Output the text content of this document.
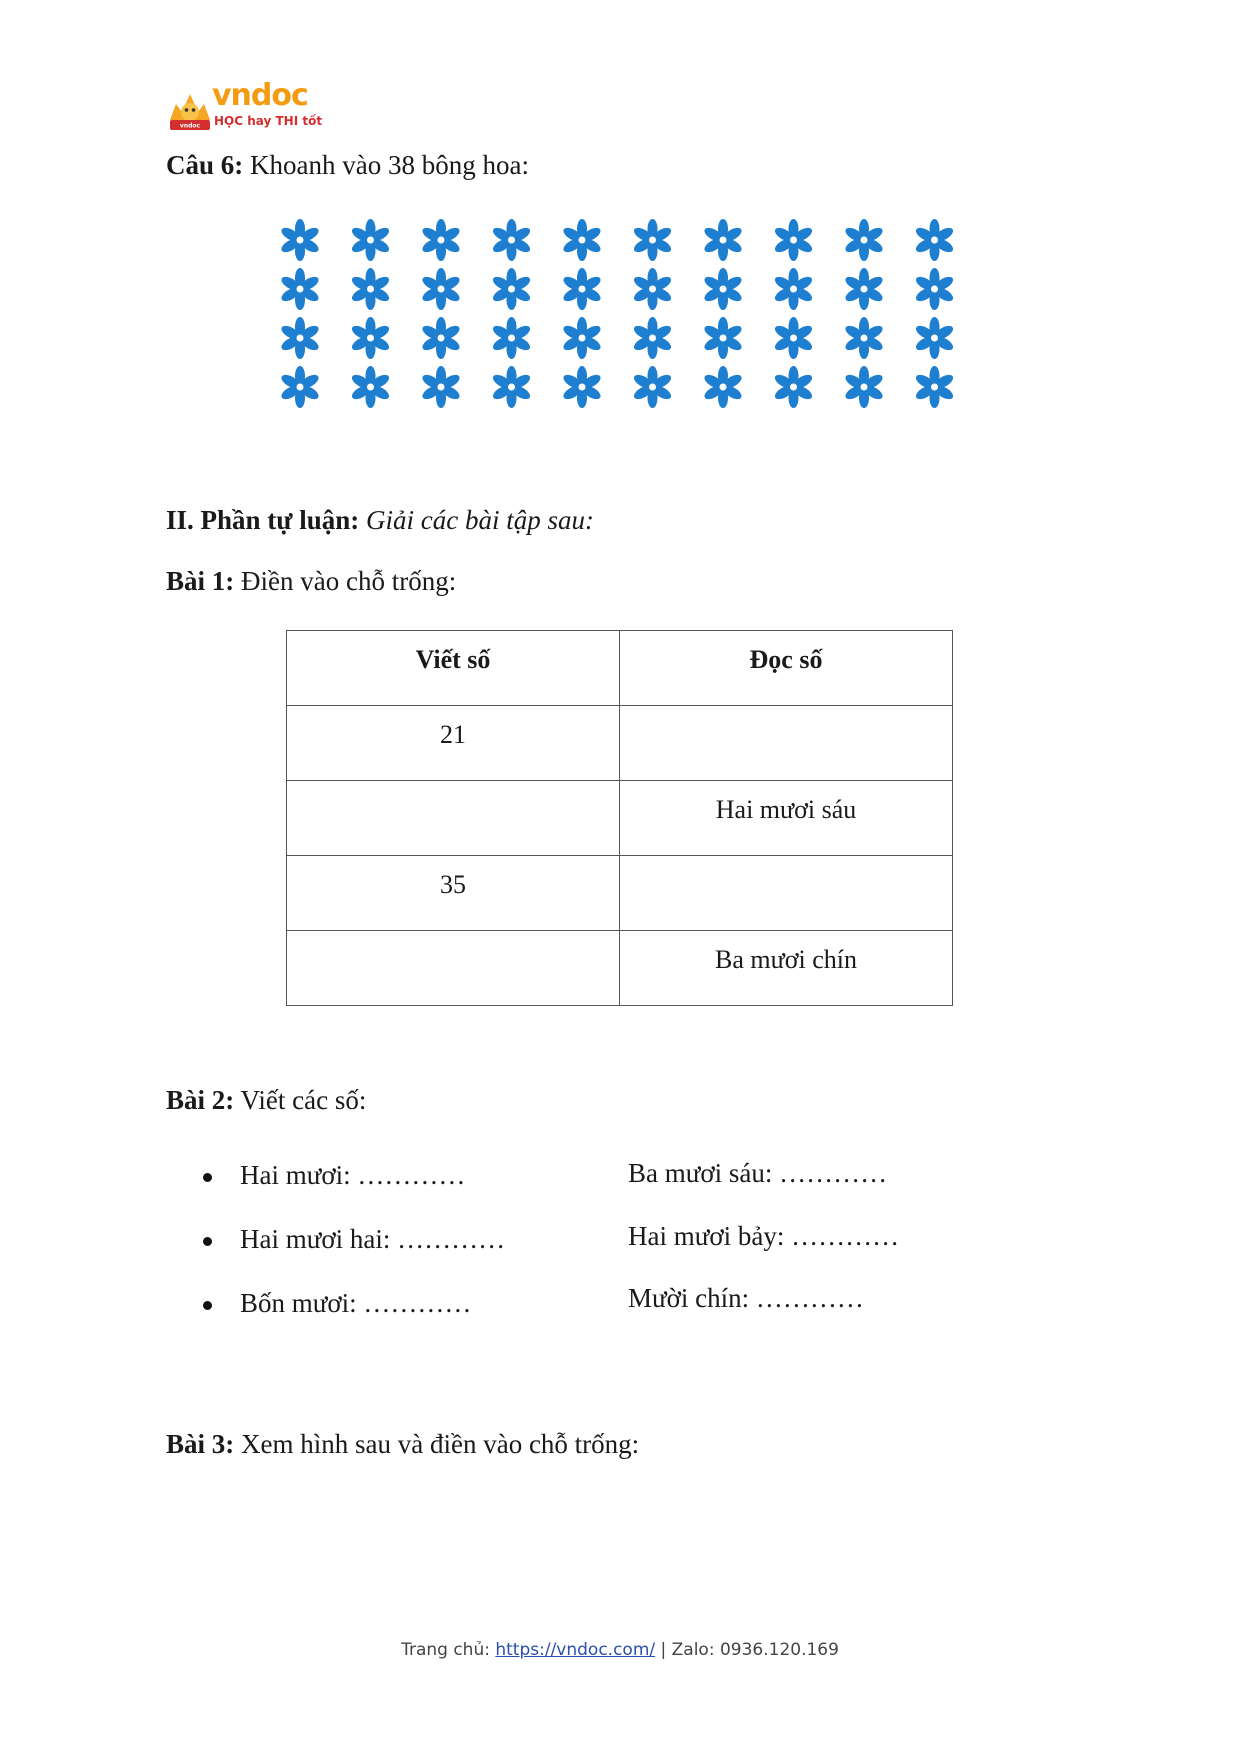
vndoc
vndoc
HỌC hay THI tốt
Câu 6: Khoanh vào 38 bông hoa:
II. Phần tự luận: Giải các bài tập sau:
Bài 1: Điền vào chỗ trống:
Viết số	Đọc số
21	
	Hai mươi sáu
35	
	Ba mươi chín
Bài 2: Viết các số:
Hai mươi: …………	Ba mươi sáu: …………
Hai mươi hai: …………	Hai mươi bảy: …………
Bốn mươi: …………	Mười chín: …………
Bài 3: Xem hình sau và điền vào chỗ trống:
Trang chủ: https://vndoc.com/ | Zalo: 0936.120.169
